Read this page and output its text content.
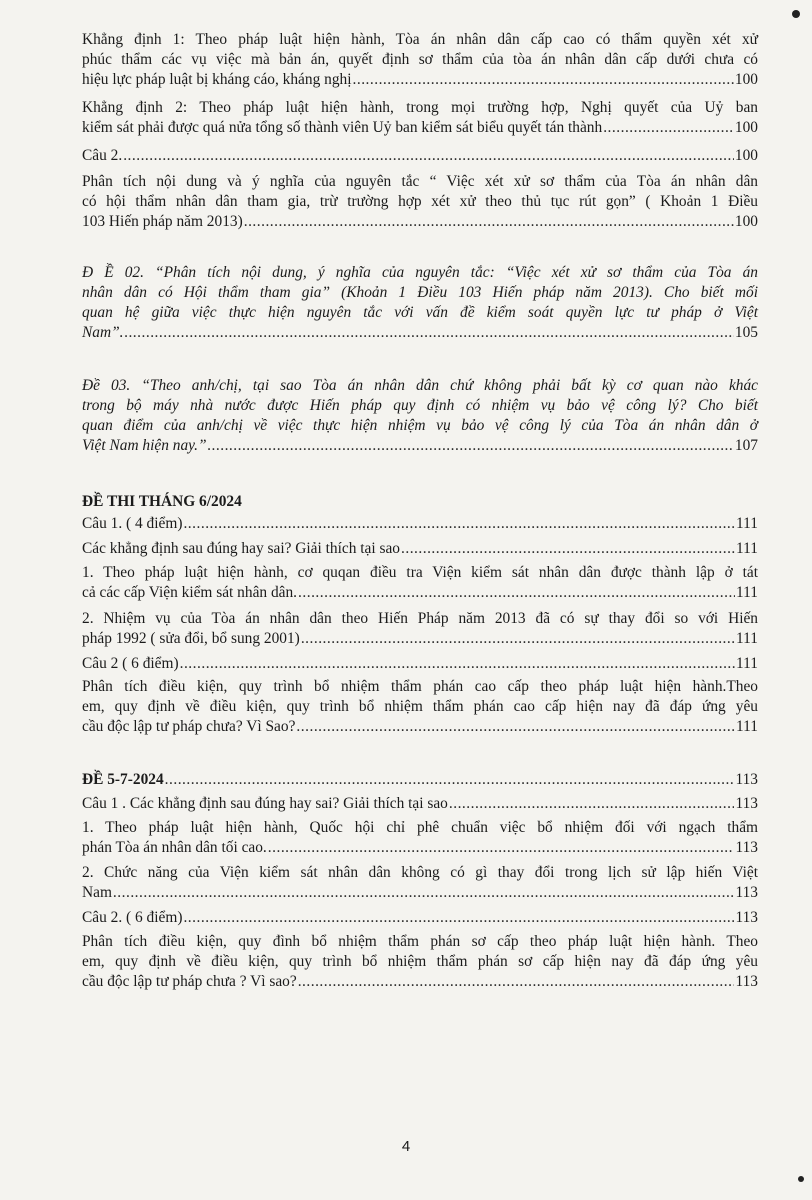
Khẳng định 1: Theo pháp luật hiện hành, Tòa án nhân dân cấp cao có thẩm quyền xét xử
phúc thẩm các vụ việc mà bản án, quyết định sơ thẩm của tòa án nhân dân cấp dưới chưa có
hiệu lực pháp luật bị kháng cáo, kháng nghị .....	100
Khẳng định 2: Theo pháp luật hiện hành, trong mọi trường hợp, Nghị quyết của Uỷ ban
kiểm sát phải được quá nửa tổng số thành viên Uỷ ban kiểm sát biểu quyết tán thành .....	100
Câu 2. .....	100
Phân tích nội dung và ý nghĩa của nguyên tắc “ Việc xét xử sơ thẩm của Tòa án nhân dân
có hội thẩm nhân dân tham gia, trừ trường hợp xét xử theo thủ tục rút gọn” ( Khoản 1 Điều
103 Hiến pháp năm 2013) .....	100
Đ Ề 02. “Phân tích nội dung, ý nghĩa của nguyên tắc: “Việc xét xử sơ thẩm của Tòa án
nhân dân có Hội thẩm tham gia” (Khoản 1 Điều 103 Hiến pháp năm 2013). Cho biết mối
quan hệ giữa việc thực hiện nguyên tắc với vấn đề kiểm soát quyền lực tư pháp ở Việt
Nam”. .....	105
Đề 03. “Theo anh/chị, tại sao Tòa án nhân dân chứ không phải bất kỳ cơ quan nào khác
trong bộ máy nhà nước được Hiến pháp quy định có nhiệm vụ bảo vệ công lý? Cho biết
quan điểm của anh/chị về việc thực hiện nhiệm vụ bảo vệ công lý của Tòa án nhân dân ở
Việt Nam hiện nay.” .....	107
ĐỀ THI THÁNG 6/2024
Câu 1. ( 4 điểm) .....	111
Các khẳng định sau đúng hay sai? Giải thích tại sao .....	111
1. Theo pháp luật hiện hành, cơ quqan điều tra Viện kiểm sát nhân dân được thành lập ở tát
cả các cấp Viện kiểm sát nhân dân. .....	111
2. Nhiệm vụ của Tòa án nhân dân theo Hiến Pháp năm 2013 đã có sự thay đổi so với Hiến
pháp 1992 ( sửa đổi, bổ sung 2001) .....	111
Câu 2 ( 6 điểm) .....	111
Phân tích điều kiện, quy trình bổ nhiệm thẩm phán cao cấp theo pháp luật hiện hành.Theo
em, quy định về điều kiện, quy trình bổ nhiệm thẩm phán cao cấp hiện nay đã đáp ứng yêu
cầu độc lập tư pháp chưa? Vì Sao? .....	111
ĐỀ 5-7-2024 .....	113
Câu 1 . Các khẳng định sau đúng hay sai? Giải thích tại sao .....	113
1. Theo pháp luật hiện hành, Quốc hội chỉ phê chuẩn việc bổ nhiệm đối với ngạch thẩm
phán Tòa án nhân dân tối cao. .....	113
2. Chức năng của Viện kiểm sát nhân dân không có gì thay đổi trong lịch sử lập hiến Việt
Nam .....	113
Câu 2. ( 6 điểm) .....	113
Phân tích điều kiện, quy đình bổ nhiệm thẩm phán sơ cấp theo pháp luật hiện hành. Theo
em, quy định về điều kiện, quy trình bổ nhiệm thẩm phán sơ cấp hiện nay đã đáp ứng yêu
cầu độc lập tư pháp chưa ? Vì sao? .....	113
4
